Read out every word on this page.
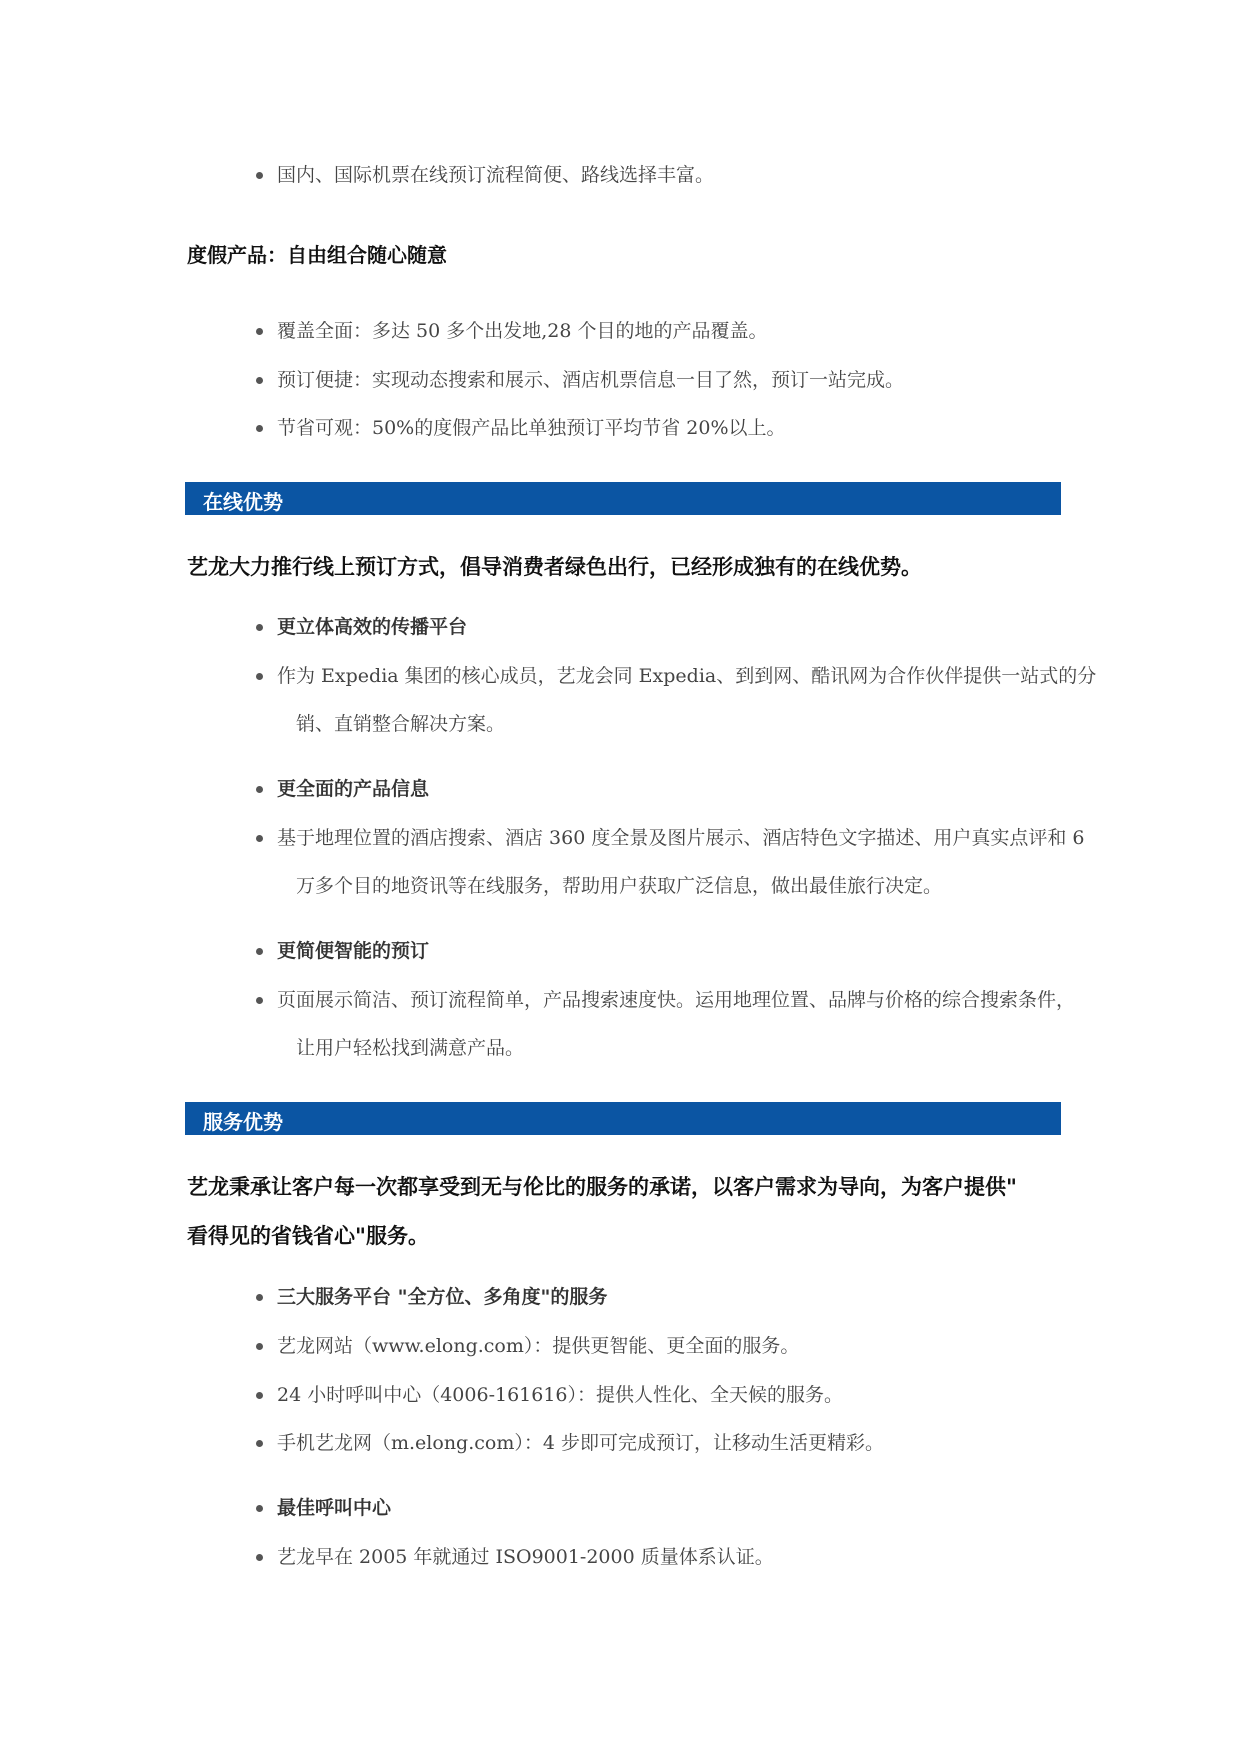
国内、国际机票在线预订流程简便、路线选择丰富。
度假产品：自由组合随心随意
覆盖全面：多达 50 多个出发地,28 个目的地的产品覆盖。
预订便捷：实现动态搜索和展示、酒店机票信息一目了然，预订一站完成。
节省可观：50%的度假产品比单独预订平均节省 20%以上。
在线优势
艺龙大力推行线上预订方式，倡导消费者绿色出行，已经形成独有的在线优势。
更立体高效的传播平台
作为 Expedia 集团的核心成员，艺龙会同 Expedia、到到网、酷讯网为合作伙伴提供一站式的分
销、直销整合解决方案。
更全面的产品信息
基于地理位置的酒店搜索、酒店 360 度全景及图片展示、酒店特色文字描述、用户真实点评和 6
万多个目的地资讯等在线服务，帮助用户获取广泛信息，做出最佳旅行决定。
更简便智能的预订
页面展示简洁、预订流程简单，产品搜索速度快。运用地理位置、品牌与价格的综合搜索条件，
让用户轻松找到满意产品。
服务优势
艺龙秉承让客户每一次都享受到无与伦比的服务的承诺，以客户需求为导向，为客户提供"
看得见的省钱省心"服务。
三大服务平台 "全方位、多角度"的服务
艺龙网站（www.elong.com）：提供更智能、更全面的服务。
24 小时呼叫中心（4006-161616）：提供人性化、全天候的服务。
手机艺龙网（m.elong.com）：4 步即可完成预订，让移动生活更精彩。
最佳呼叫中心
艺龙早在 2005 年就通过 ISO9001-2000 质量体系认证。
